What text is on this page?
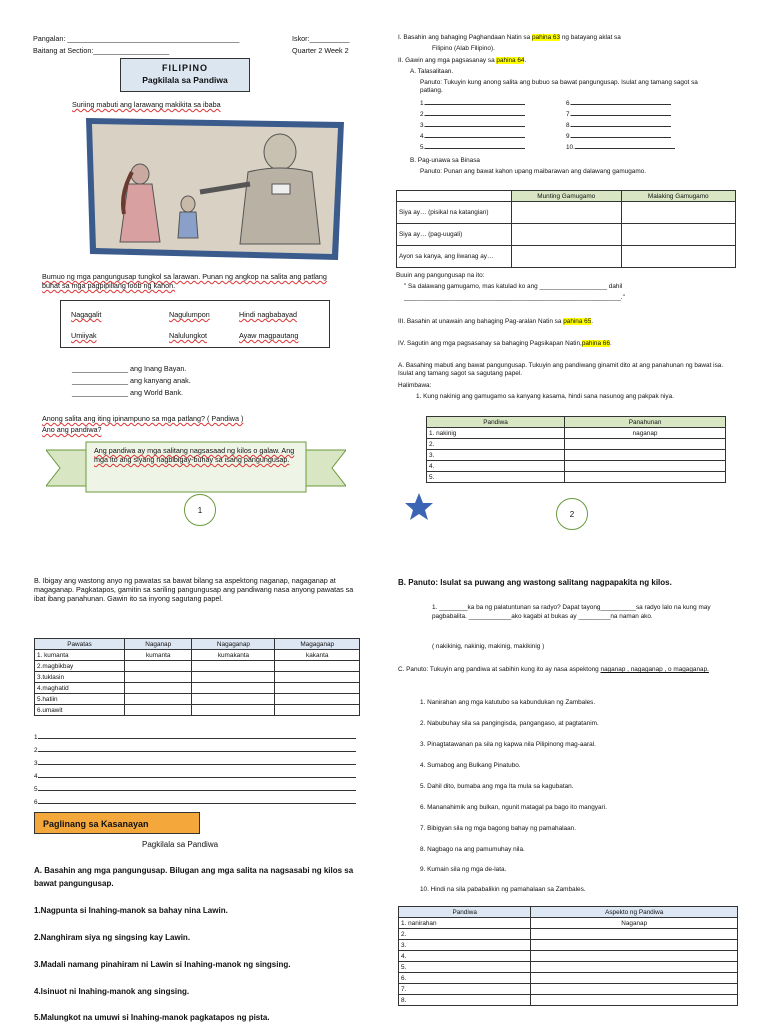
Pangalan: ___________________________________________	Iskor:__________
Baitang at Section:___________________	Quarter 2 Week 2
FILIPINO
Pagkilala sa Pandiwa
Suriing mabuti ang larawang makikita sa ibaba
Bumuo ng mga pangungusap tungkol sa larawan. Punan ng angkop na salita ang patlang buhat sa mga pagpipiliang loob ng kahon.
Nagagalit	Nagulumpon	Hindi nagbabayad
Umiiyak	Nalulungkot	Ayaw magpautang
______________ ang Inang Bayan.
______________ ang kanyang anak.
______________ ang World Bank.
Anong salita ang iting ipinampuno sa mga patlang? ( Pandiwa )
Ano ang pandiwa?
Ang pandiwa ay mga salitang nagsasaad ng kilos o galaw. Ang mga ito ang siyang nagbibigay-buhay sa isang pangungusap.
1
I. Basahin ang bahaging Paghandaan Natin sa pahina 63 ng batayang aklat sa
Filipino (Alab Filipino).
II. Gawin ang mga pagsasanay sa pahina 64.
A. Talasalitaan.
Panuto: Tukuyin kung anong salita ang bubuo sa bawat pangungusap. Isulat ang tamang sagot sa patlang.
1.
2.
3.
4.
5.
6.
7.
8.
9.
10.
B. Pag-unawa sa Binasa
Panuto: Punan ang bawat kahon upang maibarawan ang dalawang gamugamo.
	Munting Gamugamo	Malaking Gamugamo
Siya ay… (pisikal na katangian)		
Siya ay… (pag-uugali)		
Ayon sa kanya, ang liwanag ay…		
Buuin ang pangungusap na ito:
" Sa dalawang gamugamo, mas katulad ko ang ___________________ dahil
_____________________________________________________________."
III. Basahin at unawain ang bahaging Pag-aralan Natin sa pahina 65.
IV. Sagutin ang mga pagsasanay sa bahaging Pagsikapan Natin,pahina 66.
A. Basahing mabuti ang bawat pangungusap. Tukuyin ang pandiwang ginamit dito at ang panahunan ng bawat isa. Isulat ang tamang sagot sa sagutang papel.
Halimbawa:
1. Kung nakinig ang gamugamo sa kanyang kasama, hindi sana nasunog ang pakpak niya.
Pandiwa	Panahunan
1. nakinig	naganap
2.	
3.	
4.	
5.	
2
B. Ibigay ang wastong anyo ng pawatas sa bawat bilang sa aspektong naganap, nagaganap at magaganap. Pagkatapos, gamitin sa sariling pangungusap ang pandiwang nasa anyong pawatas sa ibat ibang panahunan. Gawin ito sa inyong sagutang papel.
Pawatas	Naganap	Nagaganap	Magaganap
1. kumanta	kumanta	kumakanta	kakanta
2.magbikbay			
3.tuklasin			
4.maghatid			
5.hatiin			
6.umawit			
1
2
3
4
5
6
Paglinang sa Kasanayan
Pagkilala sa Pandiwa
A. Basahin ang mga pangungusap. Bilugan ang mga salita na nagsasabi ng kilos sa bawat pangungusap.
1.Nagpunta si Inahing-manok sa bahay nina Lawin.
2.Nanghiram siya ng singsing kay Lawin.
3.Madali namang pinahiram ni Lawin si Inahing-manok ng singsing.
4.Isinuot ni Inahing-manok ang singsing.
5.Malungkot na umuwi si Inahing-manok pagkatapos ng pista.
B. Panuto: Isulat sa puwang ang wastong salitang nagpapakita ng kilos.
1. ________ka ba ng palatuntunan sa radyo? Dapat tayong__________sa radyo lalo na kung may pagbabalita. ____________ako kagabi at bukas ay _________na naman ako.
( nakikinig, nakinig, makinig, makikinig )
C. Panuto: Tukuyin ang pandiwa at sabihin kung ito ay nasa aspektong naganap , nagaganap , o magaganap.
1. Nanirahan ang mga katutubo sa kabundukan ng Zambales.
2. Nabubuhay sila sa pangingisda, pangangaso, at pagtatanim.
3. Pinagtatawanan pa sila ng kapwa nila Pilipinong mag-aaral.
4. Sumabog ang Bulkang Pinatubo.
5. Dahil dito, bumaba ang mga Ita mula sa kagubatan.
6. Mananahimik ang bulkan, ngunit matagal pa bago ito mangyari.
7. Bibigyan sila ng mga bagong bahay ng pamahalaan.
8. Nagbago na ang pamumuhay nila.
9. Kumain sila ng mga de-lata.
10. Hindi na sila pababalikin ng pamahalaan sa Zambales.
Pandiwa	Aspekto ng Pandiwa
1. nanirahan	Naganap
2.	
3.	
4.	
5.	
6.	
7.	
8.	
